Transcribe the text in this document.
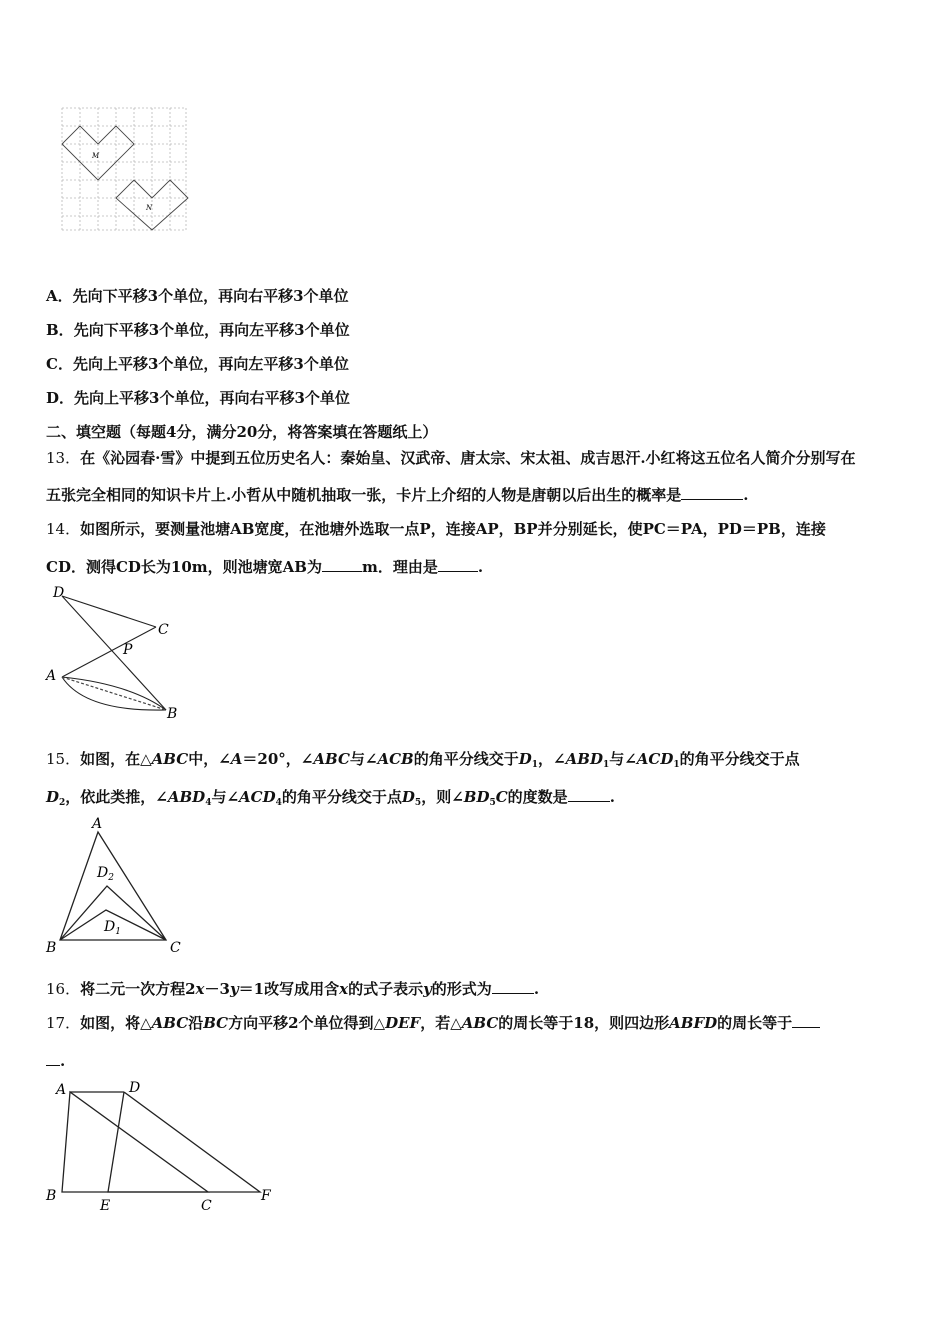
M
N
A．先向下平移3个单位，再向右平移3个单位
B．先向下平移3个单位，再向左平移3个单位
C．先向上平移3个单位，再向左平移3个单位
D．先向上平移3个单位，再向右平移3个单位
二、填空题（每题4分，满分20分，将答案填在答题纸上）
13．在《沁园春·雪》中提到五位历史名人：秦始皇、汉武帝、唐太宗、宋太祖、成吉思汗.小红将这五位名人简介分别写在
五张完全相同的知识卡片上.小哲从中随机抽取一张，卡片上介绍的人物是唐朝以后出生的概率是	.
14．如图所示，要测量池塘AB宽度，在池塘外选取一点P，连接AP，BP并分别延长，使PC＝PA，PD＝PB，连接
CD．测得CD长为10m，则池塘宽AB为	m．理由是	.
D
C
P
A
B
15．如图，在△ABC中，∠A＝20°，∠ABC与∠ACB的角平分线交于$D_1$，$\angle ABD_1$与$\angle ACD_1$的角平分线交于点
$D_2$，依此类推，$\angle ABD_4$与$\angle ACD_4$的角平分线交于点$D_5$，则$\angle BD_5C$的度数是	.
A
$D_2$
$D_1$
B	C
16．将二元一次方程2x－3y＝1改写成用含x的式子表示y的形式为	.
17．如图，将△ABC沿BC方向平移2个单位得到△DEF，若△ABC的周长等于18，则四边形ABFD的周长等于
.
A	D
B
E	C
F
